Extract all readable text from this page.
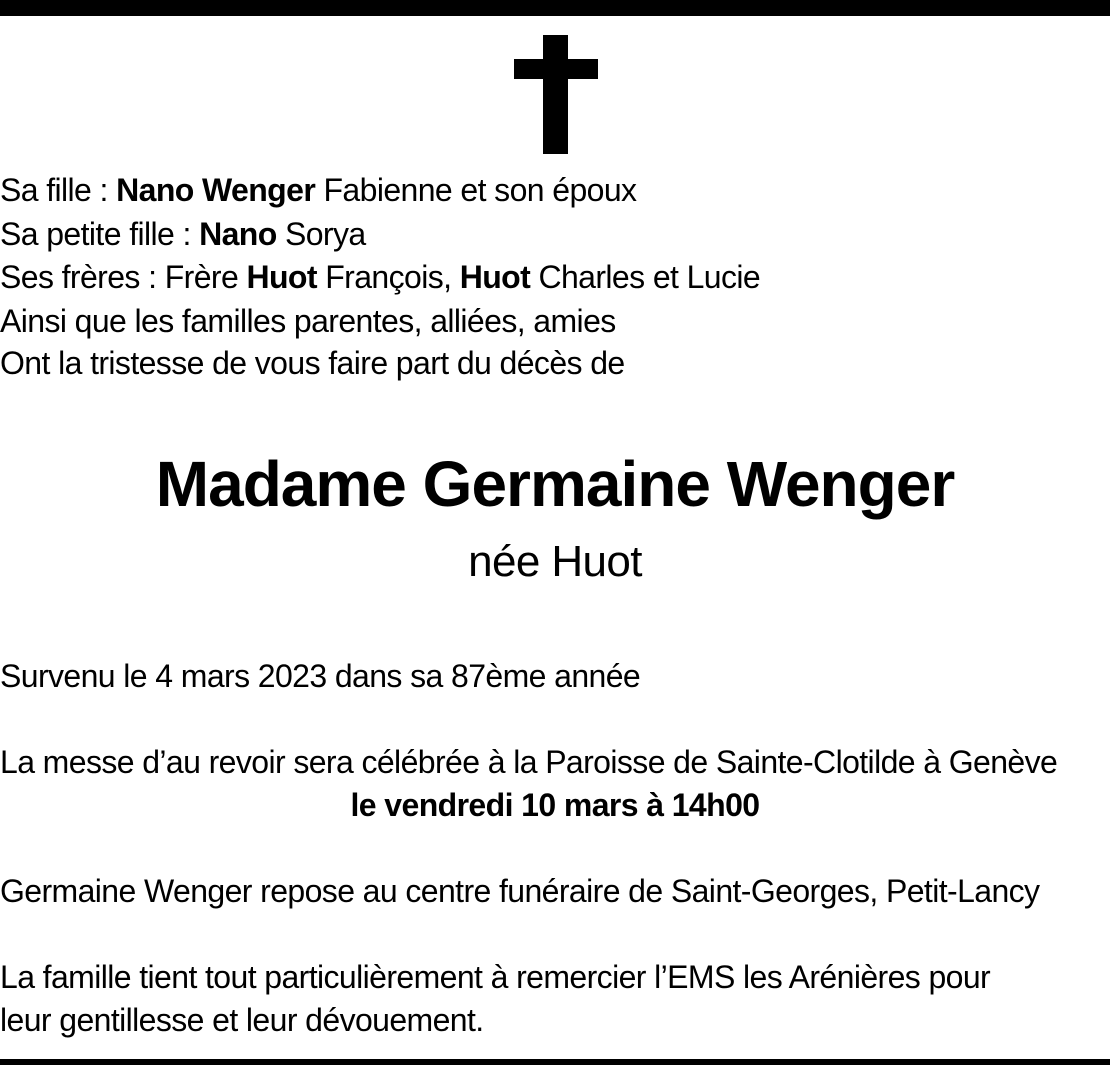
Sa fille : Nano Wenger Fabienne et son époux
Sa petite fille : Nano Sorya
Ses frères : Frère Huot François, Huot Charles et Lucie
Ainsi que les familles parentes, alliées, amies
Ont la tristesse de vous faire part du décès de
Madame Germaine Wenger
née Huot
Survenu le 4 mars 2023 dans sa 87ème année
La messe d’au revoir sera célébrée à la Paroisse de Sainte-Clotilde à Genève
le vendredi 10 mars à 14h00
Germaine Wenger repose au centre funéraire de Saint-Georges, Petit-Lancy
La famille tient tout particulièrement à remercier l’EMS les Arénières pour
leur gentillesse et leur dévouement.
